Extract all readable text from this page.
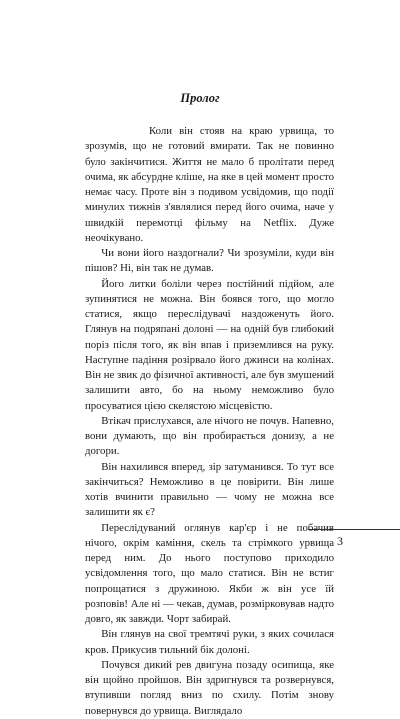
Пролог

Коли він стояв на краю урвища, то зрозумів, що не готовий вмирати. Так не повинно було закінчитися. Життя не мало б пролітати перед очима, як абсурдне кліше, на яке в цей момент просто немає часу. Проте він з подивом усвідомив, що події минулих тижнів з'являлися перед його очима, наче у швидкій перемотці фільму на Netflix. Дуже неочікувано.

Чи вони його наздогнали? Чи зрозуміли, куди він пішов? Ні, він так не думав.

Його литки боліли через постійний підйом, але зупинятися не можна. Він боявся того, що могло статися, якщо переслідувачі наздоженуть його. Глянув на подряпані долоні — на одній був глибокий поріз після того, як він впав і приземлився на руку. Наступне падіння розірвало його джинси на колінах. Він не звик до фізичної активності, але був змушений залишити авто, бо на ньому неможливо було просуватися цією скелястою місцевістю.

Втікач прислухався, але нічого не почув. Напевно, вони думають, що він пробирається донизу, а не догори.

Він нахилився вперед, зір затуманився. То тут все закінчиться? Неможливо в це повірити. Він лише хотів вчинити правильно — чому не можна все залишити як є?

Переслідуваний оглянув кар'єр і не побачив нічого, окрім каміння, скель та стрімкого урвища перед ним. До нього поступово приходило усвідомлення того, що мало статися. Він не встиг попрощатися з дружиною. Якби ж він усе їй розповів! Але ні — чекав, думав, розмірковував надто довго, як завжди. Чорт забирай.

Він глянув на свої тремтячі руки, з яких сочилася кров. Прикусив тильний бік долоні.

Почувся дикий рев двигуна позаду осипища, яке він щойно пройшов. Він здригнувся та розвернувся, втупивши погляд вниз по схилу. Потім знову повернувся до урвища. Виглядало

3
